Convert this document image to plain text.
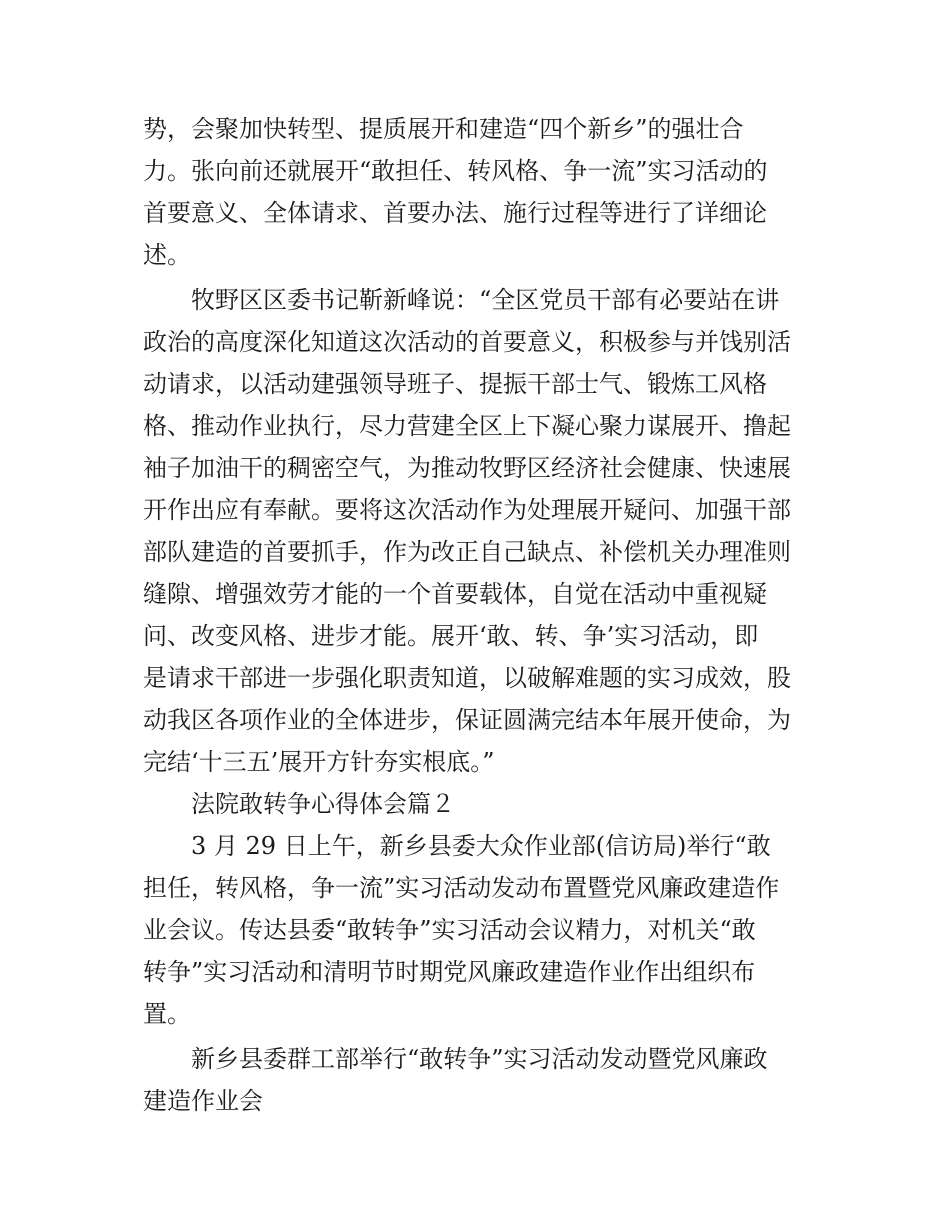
势，会聚加快转型、提质展开和建造“四个新乡”的强壮合
力。张向前还就展开“敢担任、转风格、争一流”实习活动的
首要意义、全体请求、首要办法、施行过程等进行了详细论
述。
牧野区区委书记靳新峰说：“全区党员干部有必要站在讲
政治的高度深化知道这次活动的首要意义，积极参与并饯别活
动请求，以活动建强领导班子、提振干部士气、锻炼工风格
格、推动作业执行，尽力营建全区上下凝心聚力谋展开、撸起
袖子加油干的稠密空气，为推动牧野区经济社会健康、快速展
开作出应有奉献。要将这次活动作为处理展开疑问、加强干部
部队建造的首要抓手，作为改正自己缺点、补偿机关办理准则
缝隙、增强效劳才能的一个首要载体，自觉在活动中重视疑
问、改变风格、进步才能。展开‘敢、转、争’实习活动，即
是请求干部进一步强化职责知道，以破解难题的实习成效，股
动我区各项作业的全体进步，保证圆满完结本年展开使命，为
完结‘十三五’展开方针夯实根底。”
法院敢转争心得体会篇２
3 月 29 日上午，新乡县委大众作业部(信访局)举行“敢
担任，转风格，争一流”实习活动发动布置暨党风廉政建造作
业会议。传达县委“敢转争”实习活动会议精力，对机关“敢
转争”实习活动和清明节时期党风廉政建造作业作出组织布
置。
新乡县委群工部举行“敢转争”实习活动发动暨党风廉政
建造作业会
